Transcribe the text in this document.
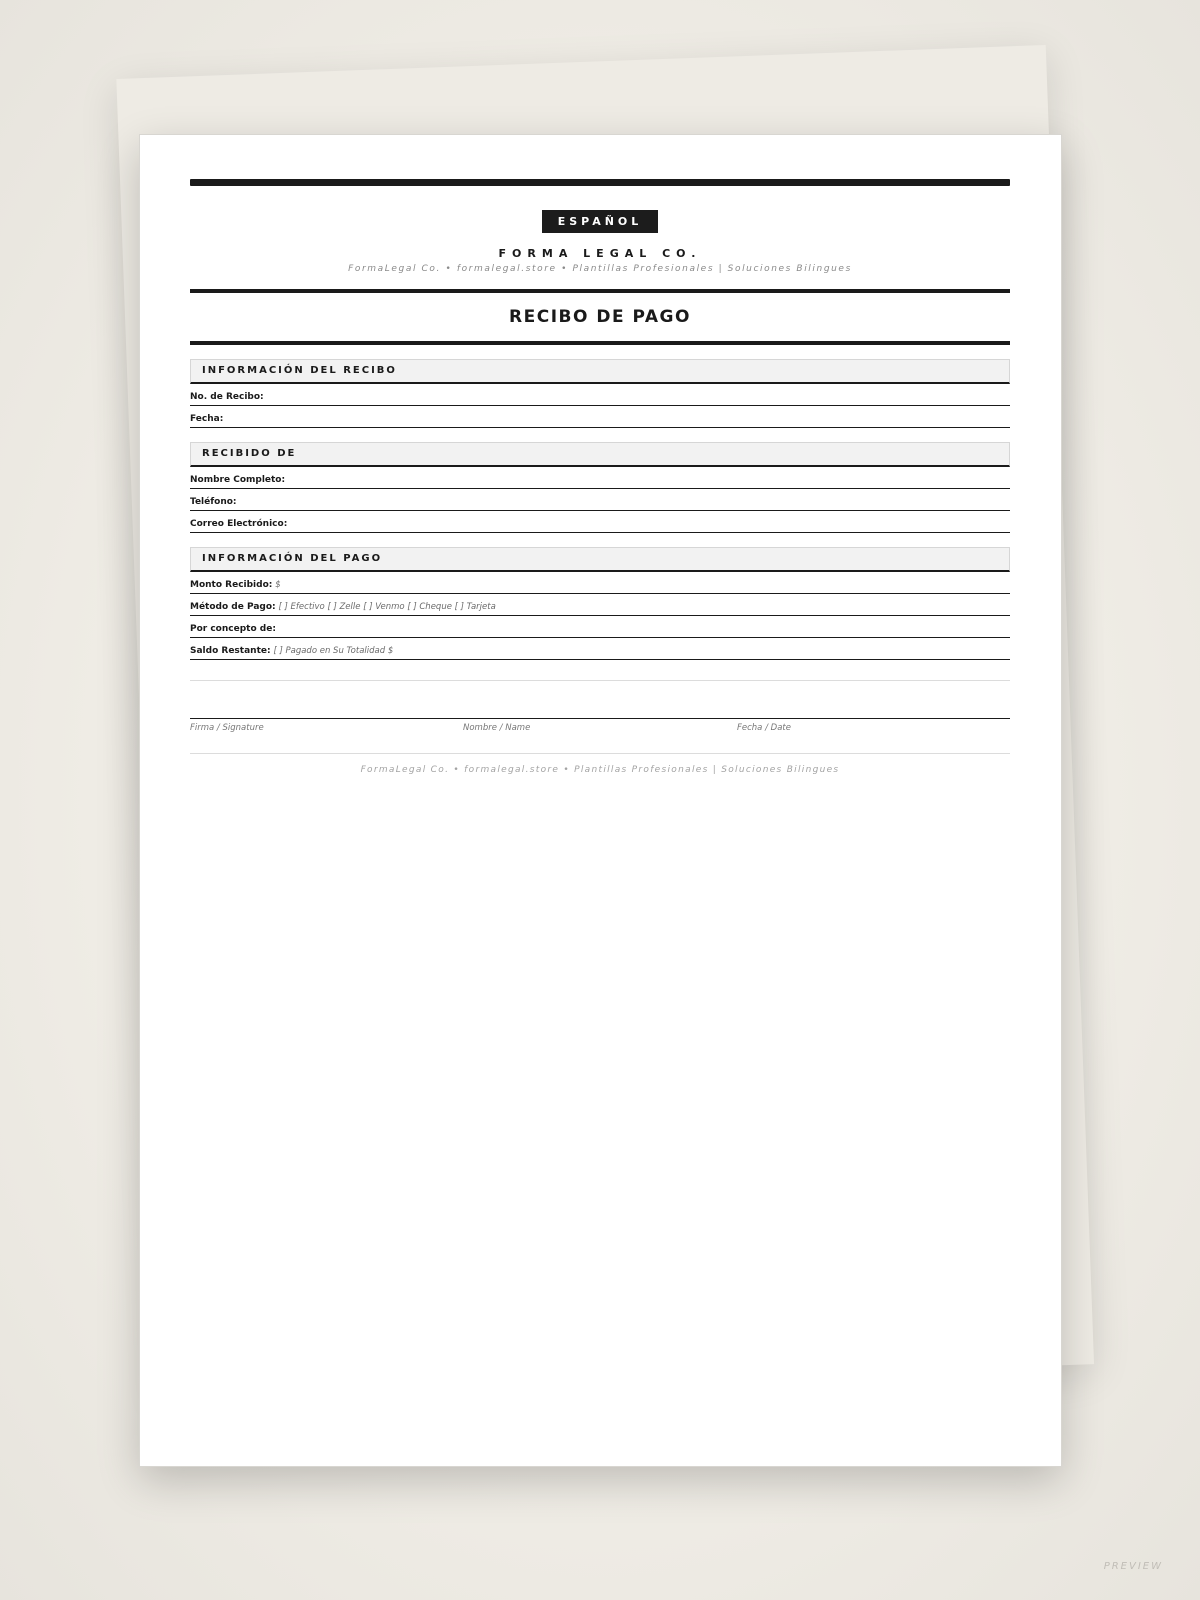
ESPAÑOL
FORMA LEGAL CO.
FormaLegal Co. • formalegal.store • Plantillas Profesionales | Soluciones Bilingues
RECIBO DE PAGO
INFORMACIÓN DEL RECIBO
No. de Recibo:
Fecha:
RECIBIDO DE
Nombre Completo:
Teléfono:
Correo Electrónico:
INFORMACIÓN DEL PAGO
Monto Recibido: $
Método de Pago: [ ] Efectivo [ ] Zelle [ ] Venmo [ ] Cheque [ ] Tarjeta
Por concepto de:
Saldo Restante: [ ] Pagado en Su Totalidad $
Firma / Signature	Nombre / Name	Fecha / Date
FormaLegal Co. • formalegal.store • Plantillas Profesionales | Soluciones Bilingues
PREVIEW
